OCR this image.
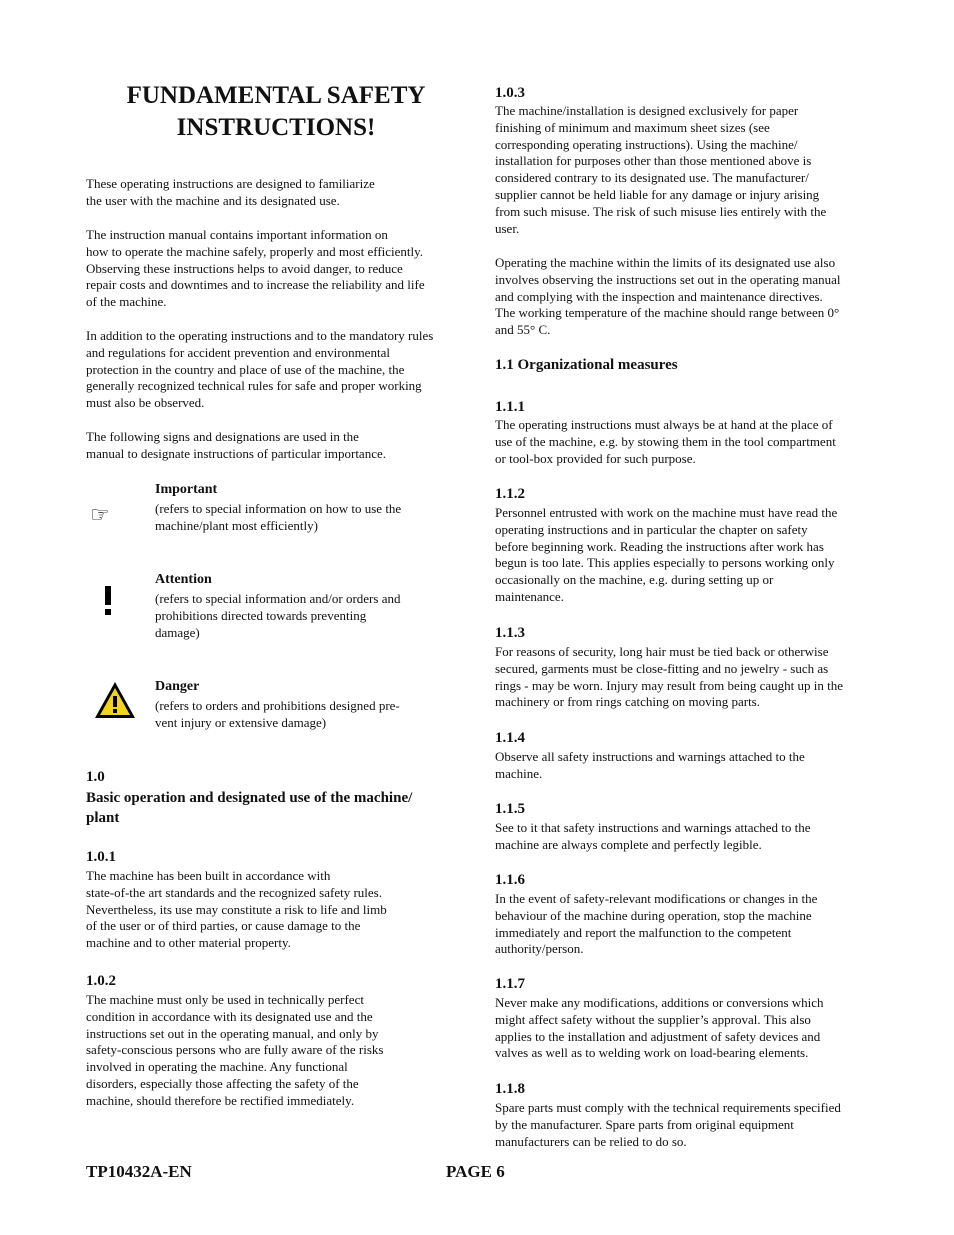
FUNDAMENTAL SAFETY
INSTRUCTIONS!
These operating instructions are designed to familiarize
the user with the machine and its designated use.
The instruction manual contains important information on
how to operate the machine safely, properly and most efficiently.
Observing these instructions helps to avoid danger, to reduce
repair costs and downtimes and to increase the reliability and life
of the machine.
In addition to the operating instructions and to the mandatory rules
and regulations for accident prevention and environmental
protection in the country and place of use of the machine, the
generally recognized technical rules for safe and proper working
must also be observed.
The following signs and designations are used in the
manual to designate instructions of particular importance.
☞
Important
(refers to special information on how to use the
machine/plant most efficiently)
Attention
(refers to special information and/or orders and
prohibitions directed towards preventing
damage)
Danger
(refers to orders and prohibitions designed pre-
vent injury or extensive damage)
1.0
Basic operation and designated use of the machine/
plant
1.0.1
The machine has been built in accordance with
state-of-the art standards and the recognized safety rules.
Nevertheless, its use may constitute a risk to life and limb
of the user or of third parties, or cause damage to the
machine and to other material property.
1.0.2
The machine must only be used in technically perfect
condition in accordance with its designated use and the
instructions set out in the operating manual, and only by
safety-conscious persons who are fully aware of the risks
involved in operating the machine. Any functional
disorders, especially those affecting the safety of the
machine, should therefore be rectified immediately.
1.0.3
The machine/installation is designed exclusively for paper
finishing of minimum and maximum sheet sizes (see
corresponding operating instructions). Using the machine/
installation for purposes other than those mentioned above is
considered contrary to its designated use. The manufacturer/
supplier cannot be held liable for any damage or injury arising
from such misuse. The risk of such misuse lies entirely with the
user.
Operating the machine within the limits of its designated use also
involves observing the instructions set out in the operating manual
and complying with the inspection and maintenance directives.
The working temperature of the machine should range between 0°
and 55° C.
1.1 Organizational measures
1.1.1
The operating instructions must always be at hand at the place of
use of the machine, e.g. by stowing them in the tool compartment
or tool-box provided for such purpose.
1.1.2
Personnel entrusted with work on the machine must have read the
operating instructions and in particular the chapter on safety
before beginning work. Reading the instructions after work has
begun is too late. This applies especially to persons working only
occasionally on the machine, e.g. during setting up or
maintenance.
1.1.3
For reasons of security, long hair must be tied back or otherwise
secured, garments must be close-fitting and no jewelry - such as
rings - may be worn. Injury may result from being caught up in the
machinery or from rings catching on moving parts.
1.1.4
Observe all safety instructions and warnings attached to the
machine.
1.1.5
See to it that safety instructions and warnings attached to the
machine are always complete and perfectly legible.
1.1.6
In the event of safety-relevant modifications or changes in the
behaviour of the machine during operation, stop the machine
immediately and report the malfunction to the competent
authority/person.
1.1.7
Never make any modifications, additions or conversions which
might affect safety without the supplier’s approval. This also
applies to the installation and adjustment of safety devices and
valves as well as to welding work on load-bearing elements.
1.1.8
Spare parts must comply with the technical requirements specified
by the manufacturer. Spare parts from original equipment
manufacturers can be relied to do so.
TP10432A-EN	PAGE 6
